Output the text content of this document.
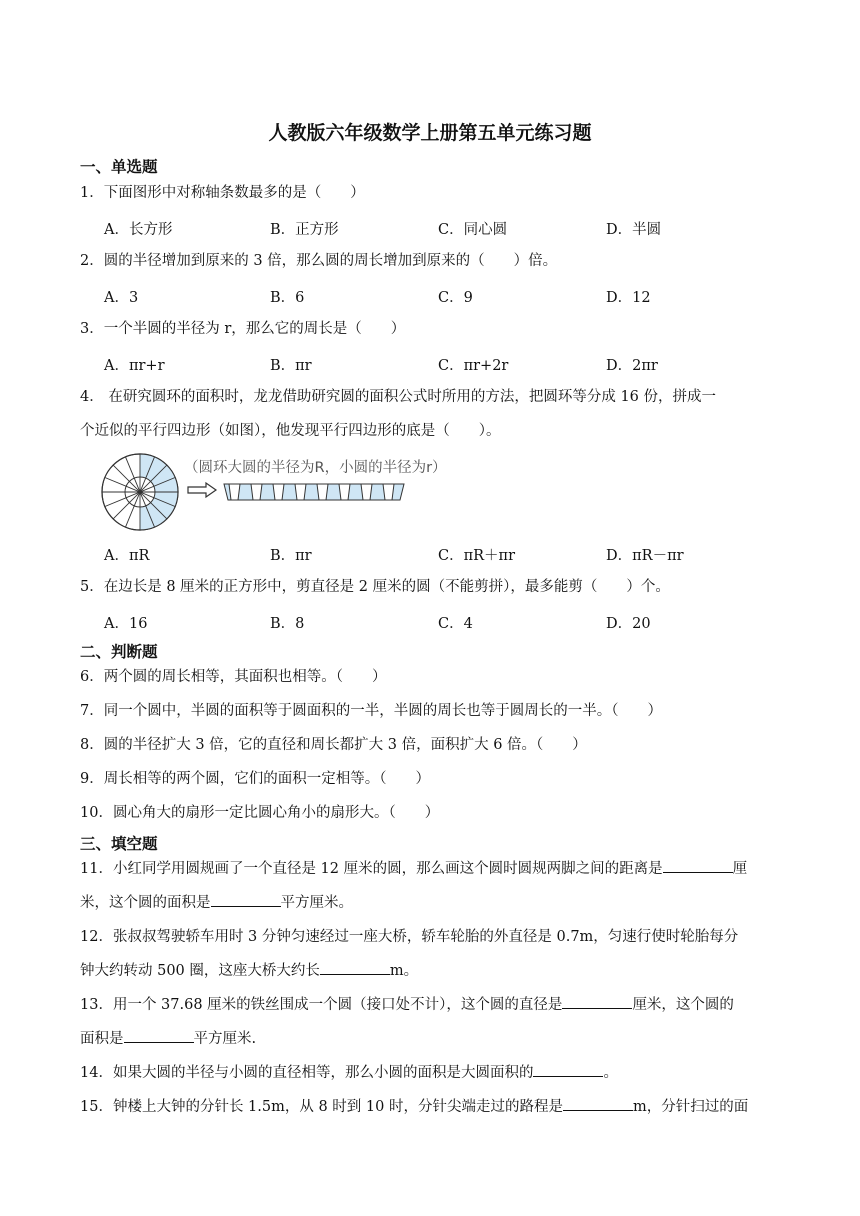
人教版六年级数学上册第五单元练习题
一、单选题
1．下面图形中对称轴条数最多的是（　　）
A．长方形	B．正方形	C．同心圆	D．半圆
2．圆的半径增加到原来的 3 倍，那么圆的周长增加到原来的（　　）倍。
A．3	B．6	C．9	D．12
3．一个半圆的半径为 r，那么它的周长是（　　）
A．πr+r	B．πr	C．πr+2r	D．2πr
4． 在研究圆环的面积时，龙龙借助研究圆的面积公式时所用的方法，把圆环等分成 16 份，拼成一
个近似的平行四边形（如图），他发现平行四边形的底是（　　）。
（圆环大圆的半径为R，小圆的半径为r）
A．πR	B．πr	C．πR＋πr	D．πR－πr
5．在边长是 8 厘米的正方形中，剪直径是 2 厘米的圆（不能剪拼），最多能剪（　　）个。
A．16	B．8	C．4	D．20
二、判断题
6．两个圆的周长相等，其面积也相等。（　　）
7．同一个圆中，半圆的面积等于圆面积的一半，半圆的周长也等于圆周长的一半。（　　）
8．圆的半径扩大 3 倍，它的直径和周长都扩大 3 倍，面积扩大 6 倍。（　　）
9．周长相等的两个圆，它们的面积一定相等。（　　）
10．圆心角大的扇形一定比圆心角小的扇形大。（　　）
三、填空题
11．小红同学用圆规画了一个直径是 12 厘米的圆，那么画这个圆时圆规两脚之间的距离是	厘
米，这个圆的面积是	平方厘米。
12．张叔叔驾驶轿车用时 3 分钟匀速经过一座大桥，轿车轮胎的外直径是 0.7m，匀速行使时轮胎每分
钟大约转动 500 圈，这座大桥大约长	m。
13．用一个 37.68 厘米的铁丝围成一个圆（接口处不计），这个圆的直径是	厘米，这个圆的
面积是	平方厘米.
14．如果大圆的半径与小圆的直径相等，那么小圆的面积是大圆面积的	。
15．钟楼上大钟的分针长 1.5m，从 8 时到 10 时，分针尖端走过的路程是	m，分针扫过的面
